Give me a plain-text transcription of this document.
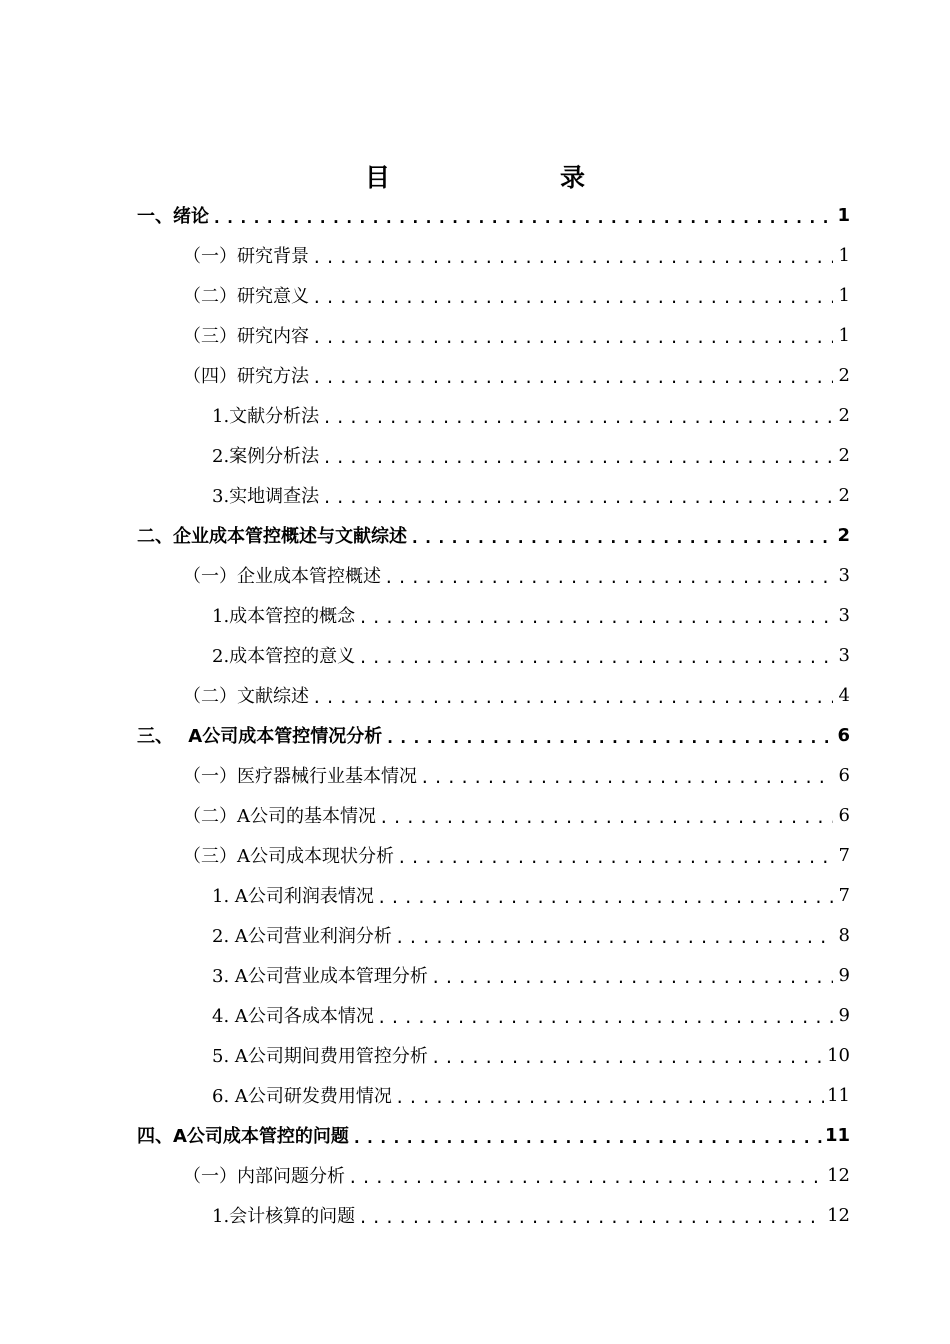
目　　录
一、绪论 .....	1
（一）研究背景 .....	1
（二）研究意义 .....	1
（三）研究内容 .....	1
（四）研究方法 .....	2
1.文献分析法 .....	2
2.案例分析法 .....	2
3.实地调查法 .....	2
二、企业成本管控概述与文献综述 .....	2
（一）企业成本管控概述 .....	3
1.成本管控的概念 .....	3
2.成本管控的意义 .....	3
（二）文献综述 .....	4
三、　 A公司成本管控情况分析 .....	6
（一）医疗器械行业基本情况 .....	6
（二）A公司的基本情况 .....	6
（三）A公司成本现状分析 .....	7
1. A公司利润表情况 .....	7
2. A公司营业利润分析 .....	8
3. A公司营业成本管理分析 .....	9
4. A公司各成本情况 .....	9
5. A公司期间费用管控分析 .....	10
6. A公司研发费用情况 .....	11
四、A公司成本管控的问题 .....	11
（一）内部问题分析 .....	12
1.会计核算的问题 .....	12
